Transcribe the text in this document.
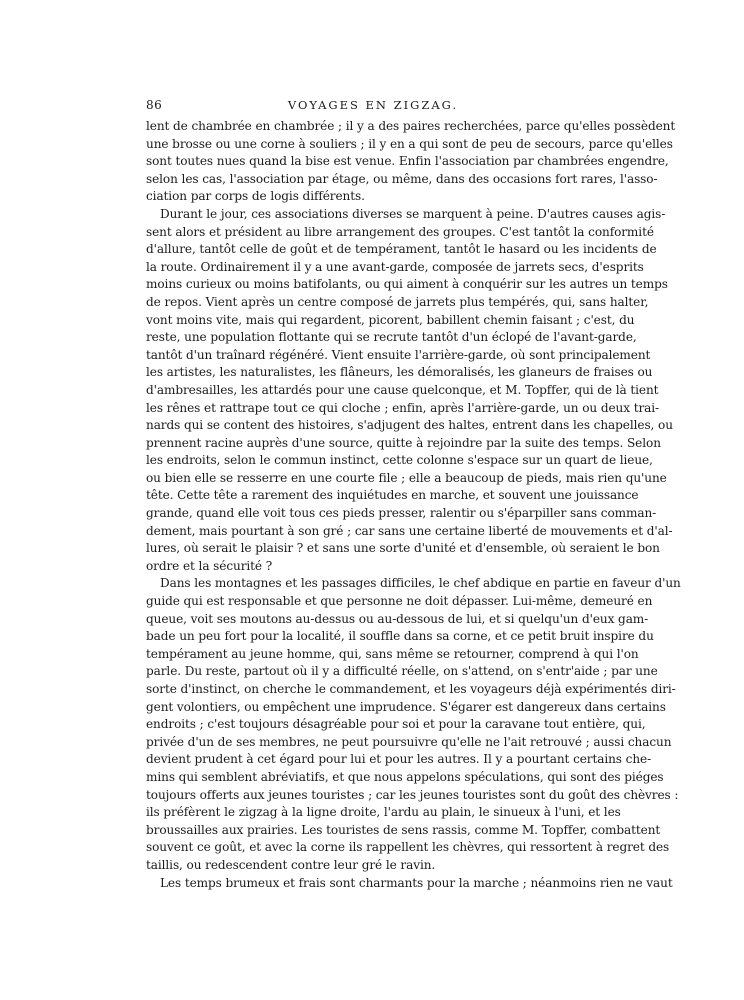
86	VOYAGES EN ZIGZAG.
lent de chambrée en chambrée ; il y a des paires recherchées, parce qu'elles possèdent
une brosse ou une corne à souliers ; il y en a qui sont de peu de secours, parce qu'elles
sont toutes nues quand la bise est venue. Enfin l'association par chambrées engendre,
selon les cas, l'association par étage, ou même, dans des occasions fort rares, l'asso-
ciation par corps de logis différents.
Durant le jour, ces associations diverses se marquent à peine. D'autres causes agis-
sent alors et président au libre arrangement des groupes. C'est tantôt la conformité
d'allure, tantôt celle de goût et de tempérament, tantôt le hasard ou les incidents de
la route. Ordinairement il y a une avant-garde, composée de jarrets secs, d'esprits
moins curieux ou moins batifolants, ou qui aiment à conquérir sur les autres un temps
de repos. Vient après un centre composé de jarrets plus tempérés, qui, sans halter,
vont moins vite, mais qui regardent, picorent, babillent chemin faisant ; c'est, du
reste, une population flottante qui se recrute tantôt d'un éclopé de l'avant-garde,
tantôt d'un traînard régénéré. Vient ensuite l'arrière-garde, où sont principalement
les artistes, les naturalistes, les flâneurs, les démoralisés, les glaneurs de fraises ou
d'ambresailles, les attardés pour une cause quelconque, et M. Topffer, qui de là tient
les rênes et rattrape tout ce qui cloche ; enfin, après l'arrière-garde, un ou deux trai-
nards qui se content des histoires, s'adjugent des haltes, entrent dans les chapelles, ou
prennent racine auprès d'une source, quitte à rejoindre par la suite des temps. Selon
les endroits, selon le commun instinct, cette colonne s'espace sur un quart de lieue,
ou bien elle se resserre en une courte file ; elle a beaucoup de pieds, mais rien qu'une
tête. Cette tête a rarement des inquiétudes en marche, et souvent une jouissance
grande, quand elle voit tous ces pieds presser, ralentir ou s'éparpiller sans comman-
dement, mais pourtant à son gré ; car sans une certaine liberté de mouvements et d'al-
lures, où serait le plaisir ? et sans une sorte d'unité et d'ensemble, où seraient le bon
ordre et la sécurité ?
Dans les montagnes et les passages difficiles, le chef abdique en partie en faveur d'un
guide qui est responsable et que personne ne doit dépasser. Lui-même, demeuré en
queue, voit ses moutons au-dessus ou au-dessous de lui, et si quelqu'un d'eux gam-
bade un peu fort pour la localité, il souffle dans sa corne, et ce petit bruit inspire du
tempérament au jeune homme, qui, sans même se retourner, comprend à qui l'on
parle. Du reste, partout où il y a difficulté réelle, on s'attend, on s'entr'aide ; par une
sorte d'instinct, on cherche le commandement, et les voyageurs déjà expérimentés diri-
gent volontiers, ou empêchent une imprudence. S'égarer est dangereux dans certains
endroits ; c'est toujours désagréable pour soi et pour la caravane tout entière, qui,
privée d'un de ses membres, ne peut poursuivre qu'elle ne l'ait retrouvé ; aussi chacun
devient prudent à cet égard pour lui et pour les autres. Il y a pourtant certains che-
mins qui semblent abréviatifs, et que nous appelons spéculations, qui sont des piéges
toujours offerts aux jeunes touristes ; car les jeunes touristes sont du goût des chèvres :
ils préfèrent le zigzag à la ligne droite, l'ardu au plain, le sinueux à l'uni, et les
broussailles aux prairies. Les touristes de sens rassis, comme M. Topffer, combattent
souvent ce goût, et avec la corne ils rappellent les chèvres, qui ressortent à regret des
taillis, ou redescendent contre leur gré le ravin.
Les temps brumeux et frais sont charmants pour la marche ; néanmoins rien ne vaut
